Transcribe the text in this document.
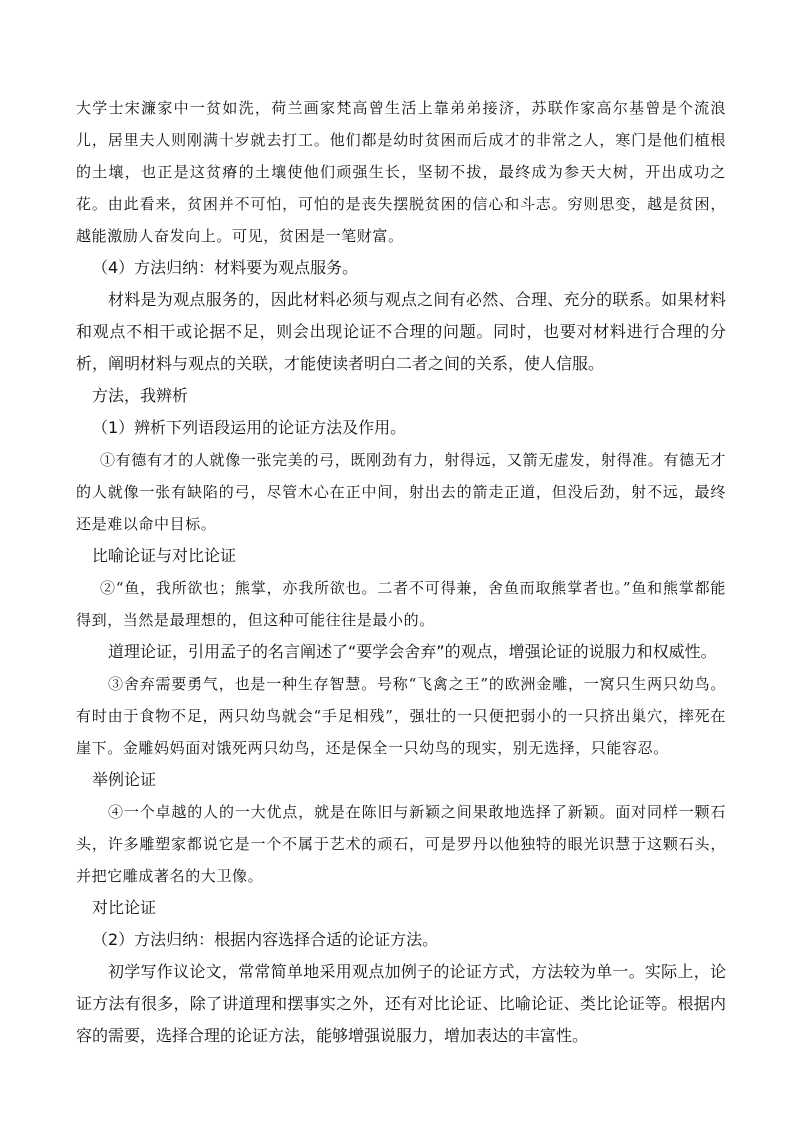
大学士宋濂家中一贫如洗，荷兰画家梵高曾生活上靠弟弟接济，苏联作家高尔基曾是个流浪儿，居里夫人则刚满十岁就去打工。他们都是幼时贫困而后成才的非常之人，寒门是他们植根的土壤，也正是这贫瘠的土壤使他们顽强生长，坚韧不拔，最终成为参天大树，开出成功之花。由此看来，贫困并不可怕，可怕的是丧失摆脱贫困的信心和斗志。穷则思变，越是贫困，越能激励人奋发向上。可见，贫困是一笔财富。

（4）方法归纳：材料要为观点服务。

材料是为观点服务的，因此材料必须与观点之间有必然、合理、充分的联系。如果材料和观点不相干或论据不足，则会出现论证不合理的问题。同时，也要对材料进行合理的分析，阐明材料与观点的关联，才能使读者明白二者之间的关系，使人信服。

方法，我辨析

（1）辨析下列语段运用的论证方法及作用。

①有德有才的人就像一张完美的弓，既刚劲有力，射得远，又箭无虚发，射得准。有德无才的人就像一张有缺陷的弓，尽管木心在正中间，射出去的箭走正道，但没后劲，射不远，最终还是难以命中目标。

比喻论证与对比论证

②“鱼，我所欲也；熊掌，亦我所欲也。二者不可得兼，舍鱼而取熊掌者也。”鱼和熊掌都能得到，当然是最理想的，但这种可能往往是最小的。

道理论证，引用孟子的名言阐述了“要学会舍弃”的观点，增强论证的说服力和权威性。

③舍弃需要勇气，也是一种生存智慧。号称“飞禽之王”的欧洲金雕，一窝只生两只幼鸟。有时由于食物不足，两只幼鸟就会“手足相残”，强壮的一只便把弱小的一只挤出巢穴，摔死在崖下。金雕妈妈面对饿死两只幼鸟，还是保全一只幼鸟的现实，别无选择，只能容忍。

举例论证

④一个卓越的人的一大优点，就是在陈旧与新颖之间果敢地选择了新颖。面对同样一颗石头，许多雕塑家都说它是一个不属于艺术的顽石，可是罗丹以他独特的眼光识慧于这颗石头，并把它雕成著名的大卫像。

对比论证

（2）方法归纳：根据内容选择合适的论证方法。

初学写作议论文，常常简单地采用观点加例子的论证方式，方法较为单一。实际上，论证方法有很多，除了讲道理和摆事实之外，还有对比论证、比喻论证、类比论证等。根据内容的需要，选择合理的论证方法，能够增强说服力，增加表达的丰富性。
